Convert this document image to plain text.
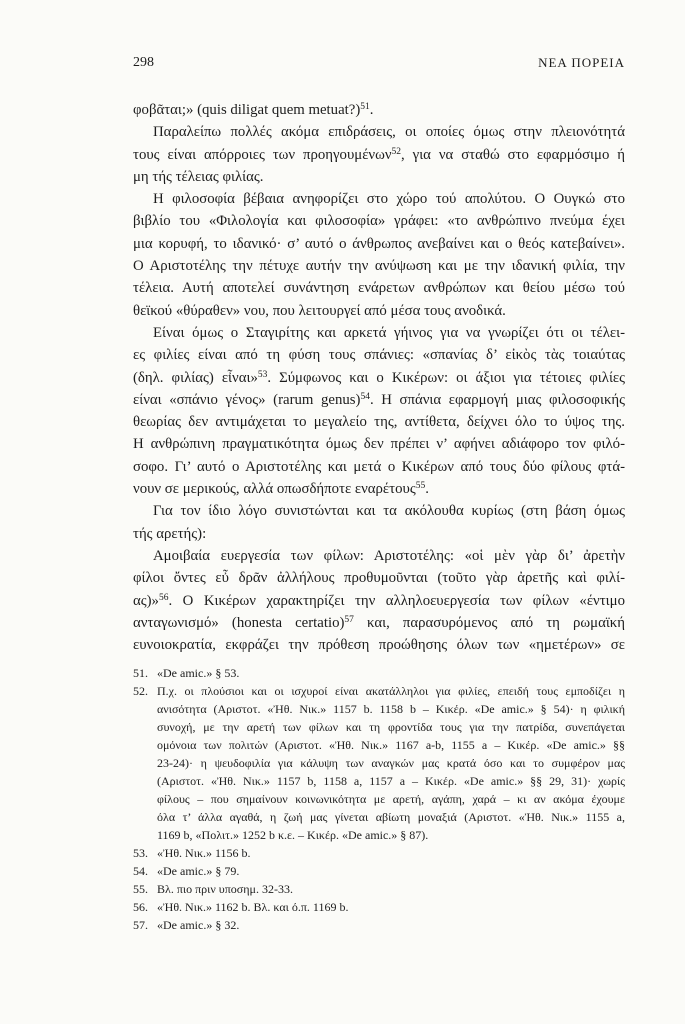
298	ΝΕΑ ΠΟΡΕΙΑ
φοβᾶται;» (quis diligat quem metuat?)$^{51}$.
Παραλείπω πολλές ακόμα επιδράσεις, οι οποίες όμως στην πλειονότητά
τους είναι απόρροιες των προηγουμένων$^{52}$, για να σταθώ στο εφαρμόσιμο ή
μη τής τέλειας φιλίας.
Η φιλοσοφία βέβαια ανηφορίζει στο χώρο τού απολύτου. Ο Ουγκώ στο
βιβλίο του «Φιλολογία και φιλοσοφία» γράφει: «το ανθρώπινο πνεύμα έχει
μια κορυφή, το ιδανικό· σ’ αυτό ο άνθρωπος ανεβαίνει και ο θεός κατεβαίνει».
Ο Αριστοτέλης την πέτυχε αυτήν την ανύψωση και με την ιδανική φιλία, την
τέλεια. Αυτή αποτελεί συνάντηση ενάρετων ανθρώπων και θείου μέσω τού
θεϊκού «θύραθεν» νου, που λειτουργεί από μέσα τους ανοδικά.
Είναι όμως ο Σταγιρίτης και αρκετά γήινος για να γνωρίζει ότι οι τέλει-
ες φιλίες είναι από τη φύση τους σπάνιες: «σπανίας δ’ εἰκὸς τὰς τοιαύτας
(δηλ. φιλίας) εἶναι»$^{53}$. Σύμφωνος και ο Κικέρων: οι άξιοι για τέτοιες φιλίες
είναι «σπάνιο γένος» (rarum genus)$^{54}$. Η σπάνια εφαρμογή μιας φιλοσοφικής
θεωρίας δεν αντιμάχεται το μεγαλείο της, αντίθετα, δείχνει όλο το ύψος της.
Η ανθρώπινη πραγματικότητα όμως δεν πρέπει ν’ αφήνει αδιάφορο τον φιλό-
σοφο. Γι’ αυτό ο Αριστοτέλης και μετά ο Κικέρων από τους δύο φίλους φτά-
νουν σε μερικούς, αλλά οπωσδήποτε εναρέτους$^{55}$.
Για τον ίδιο λόγο συνιστώνται και τα ακόλουθα κυρίως (στη βάση όμως
τής αρετής):
Αμοιβαία ευεργεσία των φίλων: Αριστοτέλης: «οἱ μὲν γὰρ δι’ ἀρετὴν
φίλοι ὄντες εὖ δρᾶν ἀλλήλους προθυμοῦνται (τοῦτο γὰρ ἀρετῆς καὶ φιλί-
ας)»$^{56}$. Ο Κικέρων χαρακτηρίζει την αλληλοευεργεσία των φίλων «έντιμο
ανταγωνισμό» (honesta certatio)$^{57}$ και, παρασυρόμενος από τη ρωμαϊκή
ευνοιοκρατία, εκφράζει την πρόθεση προώθησης όλων των «ημετέρων» σε
51. «De amic.» § 53.
52. Π.χ. οι πλούσιοι και οι ισχυροί είναι ακατάλληλοι για φιλίες, επειδή τους εμποδίζει η
ανισότητα (Αριστοτ. «Ἠθ. Νικ.» 1157 b. 1158 b – Κικέρ. «De amic.» § 54)· η φιλική
συνοχή, με την αρετή των φίλων και τη φροντίδα τους για την πατρίδα, συνεπάγεται
ομόνοια των πολιτών (Αριστοτ. «Ἠθ. Νικ.» 1167 a-b, 1155 a – Κικέρ. «De amic.» §§
23-24)· η ψευδοφιλία για κάλυψη των αναγκών μας κρατά όσο και το συμφέρον μας
(Αριστοτ. «Ἠθ. Νικ.» 1157 b, 1158 a, 1157 a – Κικέρ. «De amic.» §§ 29, 31)· χωρίς
φίλους – που σημαίνουν κοινωνικότητα με αρετή, αγάπη, χαρά – κι αν ακόμα έχουμε
όλα τ’ άλλα αγαθά, η ζωή μας γίνεται αβίωτη μοναξιά (Αριστοτ. «Ἠθ. Νικ.» 1155 a,
1169 b, «Πολιτ.» 1252 b κ.ε. – Κικέρ. «De amic.» § 87).
53. «Ἠθ. Νικ.» 1156 b.
54. «De amic.» § 79.
55. Βλ. πιο πριν υποσημ. 32-33.
56. «Ἠθ. Νικ.» 1162 b. Βλ. και ό.π. 1169 b.
57. «De amic.» § 32.
